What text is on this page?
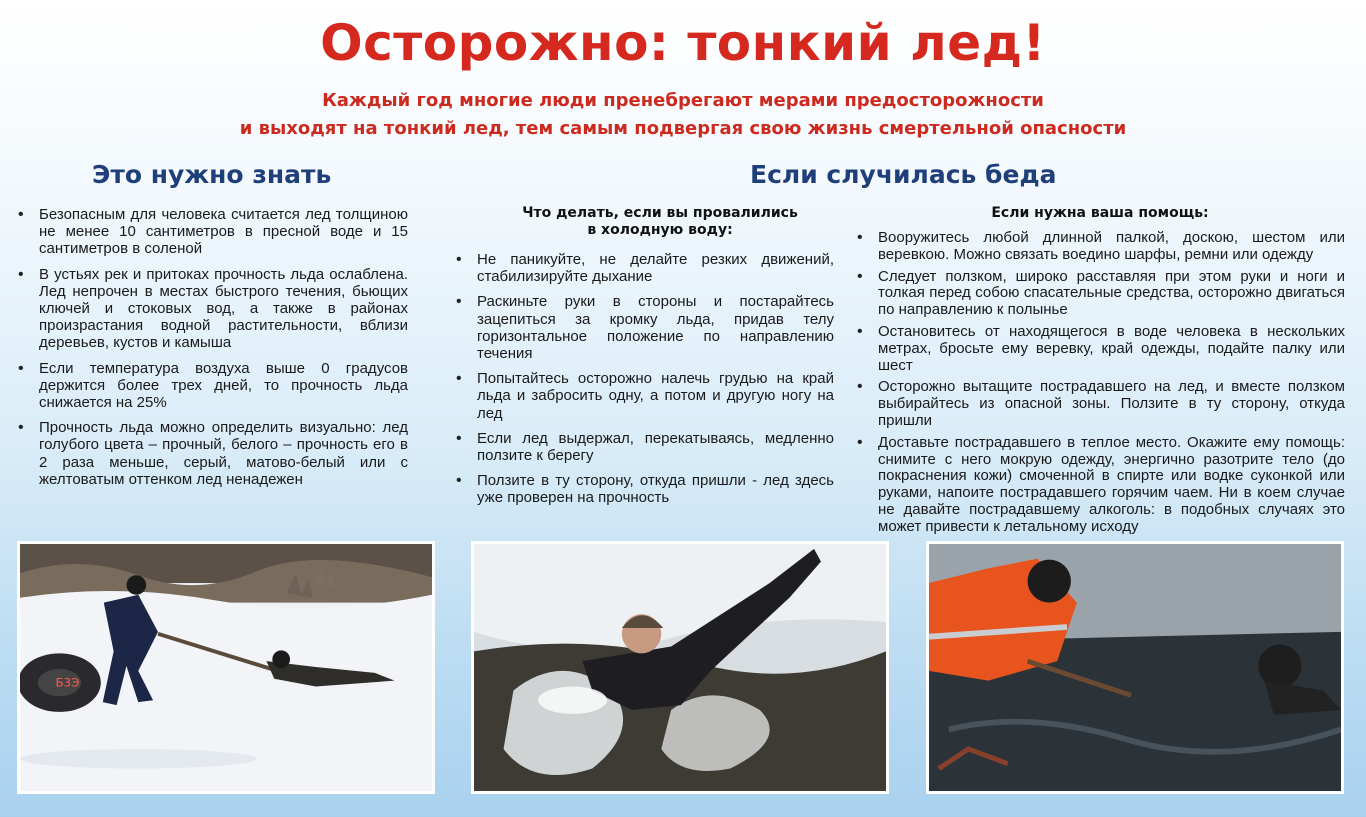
Осторожно: тонкий лед!
Каждый год многие люди пренебрегают мерами предосторожности
и выходят на тонкий лед, тем самым подвергая свою жизнь смертельной опасности
Это нужно знать	Если случилась беда
• Безопасным для человека считается лед толщиною не менее 10 сантиметров в пресной воде и 15 сантиметров в соленой
• В устьях рек и притоках прочность льда ослаблена. Лед непрочен в местах быстрого течения, бьющих ключей и стоковых вод, а также в районах произрастания водной растительности, вблизи деревьев, кустов и камыша
• Если температура воздуха выше 0 градусов держится более трех дней, то прочность льда снижается на 25%
• Прочность льда можно определить визуально: лед голубого цвета – прочный, белого – прочность его в 2 раза меньше, серый, матово-белый или с желтоватым оттенком лед ненадежен
Что делать, если вы провалились
в холодную воду:
• Не паникуйте, не делайте резких движений, стабилизируйте дыхание
• Раскиньте руки в стороны и постарайтесь зацепиться за кромку льда, придав телу горизонтальное положение по направлению течения
• Попытайтесь осторожно налечь грудью на край льда и забросить одну, а потом и другую ногу на лед
• Если лед выдержал, перекатываясь, медленно ползите к берегу
• Ползите в ту сторону, откуда пришли - лед здесь уже проверен на прочность
Если нужна ваша помощь:
• Вооружитесь любой длинной палкой, доскою, шестом или веревкою. Можно связать воедино шарфы, ремни или одежду
• Следует ползком, широко расставляя при этом руки и ноги и толкая перед собою спасательные средства, осторожно двигаться по направлению к полынье
• Остановитесь от находящегося в воде человека в нескольких метрах, бросьте ему веревку, край одежды, подайте палку или шест
• Осторожно вытащите пострадавшего на лед, и вместе ползком выбирайтесь из опасной зоны. Ползите в ту сторону, откуда пришли
• Доставьте пострадавшего в теплое место. Окажите ему помощь: снимите с него мокрую одежду, энергично разотрите тело (до покраснения кожи) смоченной в спирте или водке суконкой или руками, напоите пострадавшего горячим чаем. Ни в коем случае не давайте пострадавшему алкоголь: в подобных случаях это может привести к летальному исходу
Б3Э
